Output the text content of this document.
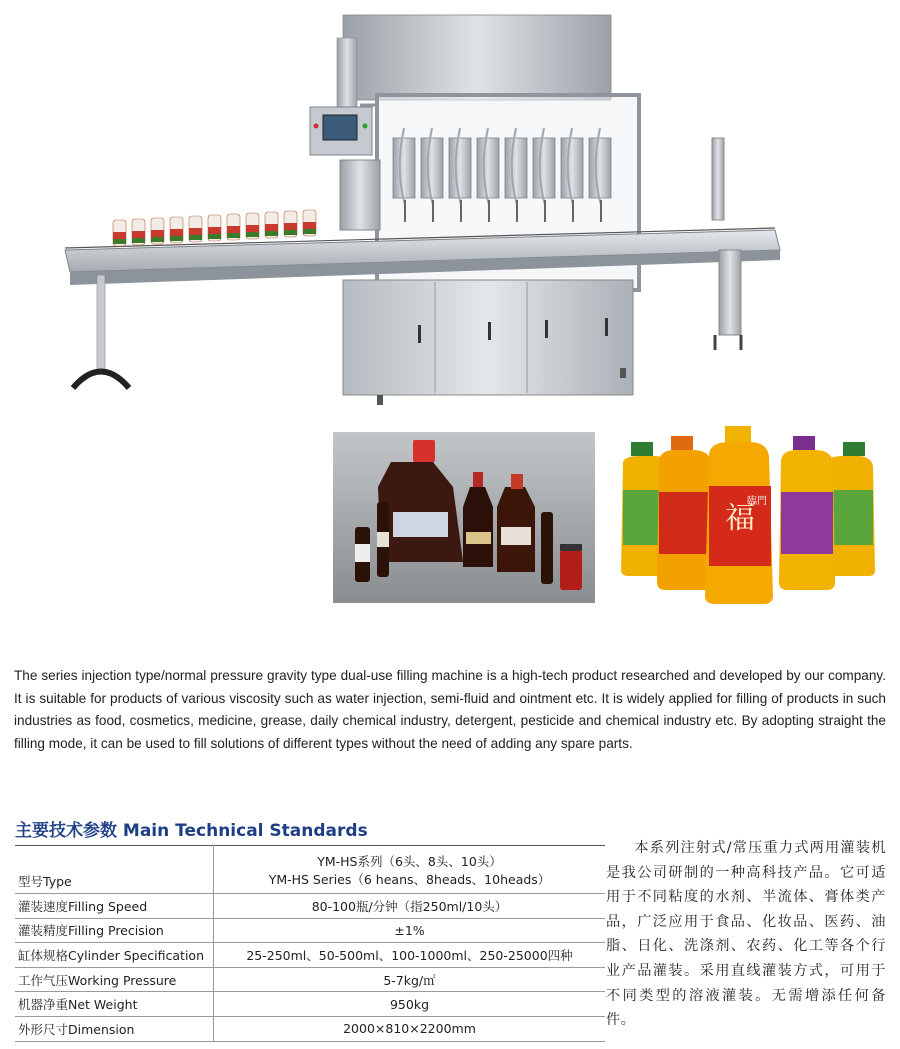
福
臨門
The series injection type/normal pressure gravity type dual-use filling machine is a high-tech product researched and developed by our company. It is suitable for products of various viscosity such as water injection, semi-fluid and ointment etc. It is widely applied for filling of products in such industries as food, cosmetics, medicine, grease, daily chemical industry, detergent, pesticide and chemical industry etc. By adopting straight the filling mode, it can be used to fill solutions of different types without the need of adding any spare parts.
主要技术参数 Main Technical Standards
型号Type	YM-HS系列（6头、8头、10头）
YM-HS Series（6 heans、8heads、10heads）

灌装速度Filling Speed	80-100瓶/分钟（指250ml/10头）
灌装精度Filling Precision	±1%
缸体规格Cylinder Specification	25-250ml、50-500ml、100-1000ml、250-25000四种
工作气压Working Pressure	5-7kg/㎡
机器净重Net Weight	950kg
外形尺寸Dimension	2000×810×2200mm
本系列注射式/常压重力式两用灌装机是我公司研制的一种高科技产品。它可适用于不同粘度的水剂、半流体、膏体类产品，广泛应用于食品、化妆品、医药、油脂、日化、洗涤剂、农药、化工等各个行业产品灌装。采用直线灌装方式，可用于不同类型的溶液灌装。无需增添任何备件。
